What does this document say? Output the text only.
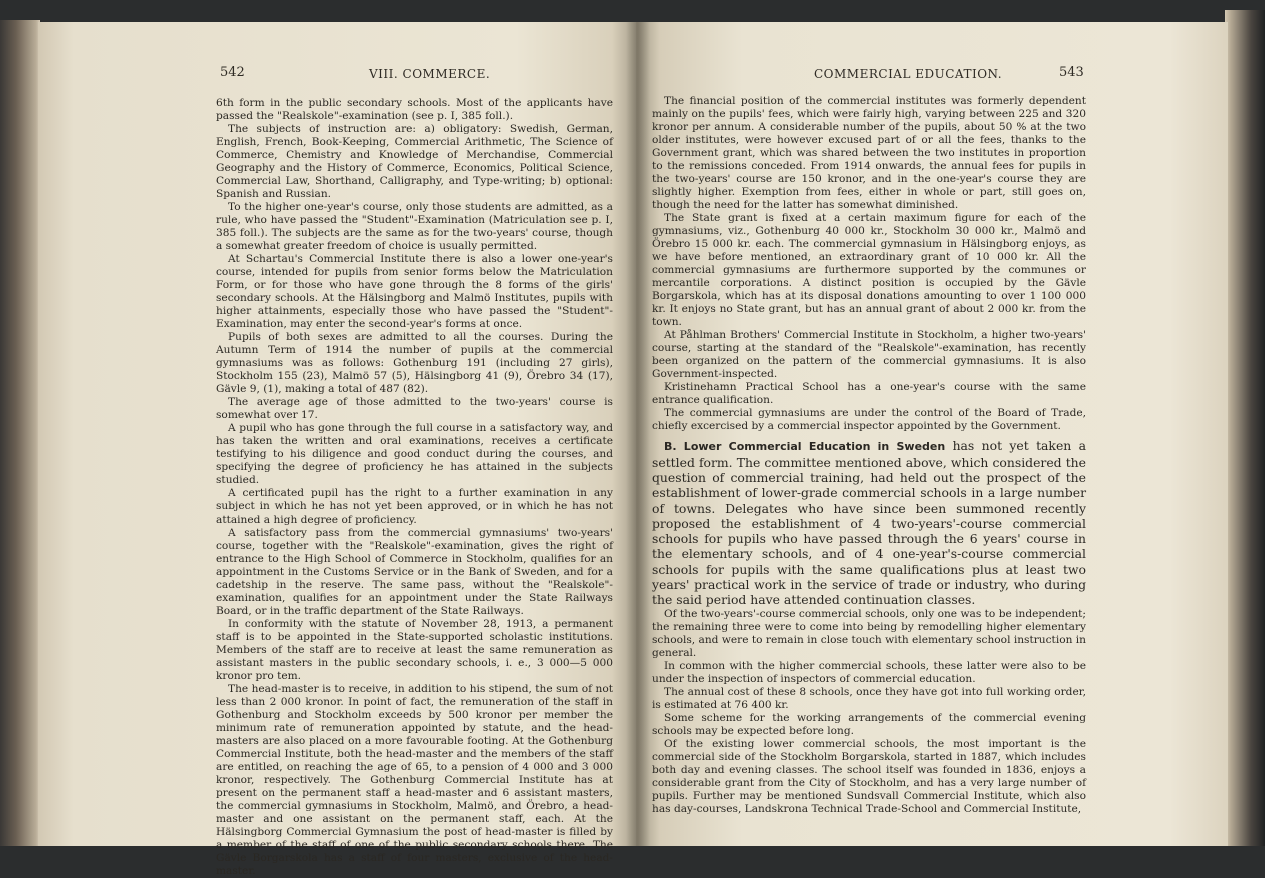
542	VIII. COMMERCE.

6th form in the public secondary schools. Most of the applicants have passed the "Realskole"-examination (see p. I, 385 foll.).

The subjects of instruction are: a) obligatory: Swedish, German, English, French, Book-Keeping, Commercial Arithmetic, The Science of Commerce, Chemistry and Knowledge of Merchandise, Commercial Geography and the History of Commerce, Economics, Political Science, Commercial Law, Shorthand, Calligraphy, and Type-writing; b) optional: Spanish and Russian.

To the higher one-year's course, only those students are admitted, as a rule, who have passed the "Student"-Examination (Matriculation see p. I, 385 foll.). The subjects are the same as for the two-years' course, though a somewhat greater freedom of choice is usually permitted.

At Schartau's Commercial Institute there is also a lower one-year's course, intended for pupils from senior forms below the Matriculation Form, or for those who have gone through the 8 forms of the girls' secondary schools. At the Hälsingborg and Malmö Institutes, pupils with higher attainments, especially those who have passed the "Student"-Examination, may enter the second-year's forms at once.

Pupils of both sexes are admitted to all the courses. During the Autumn Term of 1914 the number of pupils at the commercial gymnasiums was as follows: Gothenburg 191 (including 27 girls), Stockholm 155 (23), Malmö 57 (5), Hälsingborg 41 (9), Örebro 34 (17), Gävle 9, (1), making a total of 487 (82).

The average age of those admitted to the two-years' course is somewhat over 17.

A pupil who has gone through the full course in a satisfactory way, and has taken the written and oral examinations, receives a certificate testifying to his diligence and good conduct during the courses, and specifying the degree of proficiency he has attained in the subjects studied.

A certificated pupil has the right to a further examination in any subject in which he has not yet been approved, or in which he has not attained a high degree of proficiency.

A satisfactory pass from the commercial gymnasiums' two-years' course, together with the "Realskole"-examination, gives the right of entrance to the High School of Commerce in Stockholm, qualifies for an appointment in the Customs Service or in the Bank of Sweden, and for a cadetship in the reserve. The same pass, without the "Realskole"-examination, qualifies for an appointment under the State Railways Board, or in the traffic department of the State Railways.

In conformity with the statute of November 28, 1913, a permanent staff is to be appointed in the State-supported scholastic institutions. Members of the staff are to receive at least the same remuneration as assistant masters in the public secondary schools, i. e., 3 000—5 000 kronor pro tem.

The head-master is to receive, in addition to his stipend, the sum of not less than 2 000 kronor. In point of fact, the remuneration of the staff in Gothenburg and Stockholm exceeds by 500 kronor per member the minimum rate of remuneration appointed by statute, and the head-masters are also placed on a more favourable footing. At the Gothenburg Commercial Institute, both the head-master and the members of the staff are entitled, on reaching the age of 65, to a pension of 4 000 and 3 000 kronor, respectively. The Gothenburg Commercial Institute has at present on the permanent staff a head-master and 6 assistant masters, the commercial gymnasiums in Stockholm, Malmö, and Örebro, a head-master and one assistant on the permanent staff, each. At the Hälsingborg Commercial Gymnasium the post of head-master is filled by a member of the staff of one of the public secondary schools there. The Gävle Borgarskola has a staff of four masters, exclusive of the head-master.

COMMERCIAL EDUCATION.	543

The financial position of the commercial institutes was formerly dependent mainly on the pupils' fees, which were fairly high, varying between 225 and 320 kronor per annum. A considerable number of the pupils, about 50 % at the two older institutes, were however excused part of or all the fees, thanks to the Government grant, which was shared between the two institutes in proportion to the remissions conceded. From 1914 onwards, the annual fees for pupils in the two-years' course are 150 kronor, and in the one-year's course they are slightly higher. Exemption from fees, either in whole or part, still goes on, though the need for the latter has somewhat diminished.

The State grant is fixed at a certain maximum figure for each of the gymnasiums, viz., Gothenburg 40 000 kr., Stockholm 30 000 kr., Malmö and Örebro 15 000 kr. each. The commercial gymnasium in Hälsingborg enjoys, as we have before mentioned, an extraordinary grant of 10 000 kr. All the commercial gymnasiums are furthermore supported by the communes or mercantile corporations. A distinct position is occupied by the Gävle Borgarskola, which has at its disposal donations amounting to over 1 100 000 kr. It enjoys no State grant, but has an annual grant of about 2 000 kr. from the town.

At Påhlman Brothers' Commercial Institute in Stockholm, a higher two-years' course, starting at the standard of the "Realskole"-examination, has recently been organized on the pattern of the commercial gymnasiums. It is also Government-inspected.

Kristinehamn Practical School has a one-year's course with the same entrance qualification.

The commercial gymnasiums are under the control of the Board of Trade, chiefly excercised by a commercial inspector appointed by the Government.

B. Lower Commercial Education in Sweden has not yet taken a settled form. The committee mentioned above, which considered the question of commercial training, had held out the prospect of the establishment of lower-grade commercial schools in a large number of towns. Delegates who have since been summoned recently proposed the establishment of 4 two-years'-course commercial schools for pupils who have passed through the 6 years' course in the elementary schools, and of 4 one-year's-course commercial schools for pupils with the same qualifications plus at least two years' practical work in the service of trade or industry, who during the said period have attended continuation classes.

Of the two-years'-course commercial schools, only one was to be independent; the remaining three were to come into being by remodelling higher elementary schools, and were to remain in close touch with elementary school instruction in general.

In common with the higher commercial schools, these latter were also to be under the inspection of inspectors of commercial education.

The annual cost of these 8 schools, once they have got into full working order, is estimated at 76 400 kr.

Some scheme for the working arrangements of the commercial evening schools may be expected before long.

Of the existing lower commercial schools, the most important is the commercial side of the Stockholm Borgarskola, started in 1887, which includes both day and evening classes. The school itself was founded in 1836, enjoys a considerable grant from the City of Stockholm, and has a very large number of pupils. Further may be mentioned Sundsvall Commercial Institute, which also has day-courses, Landskrona Technical Trade-School and Commercial Institute,
